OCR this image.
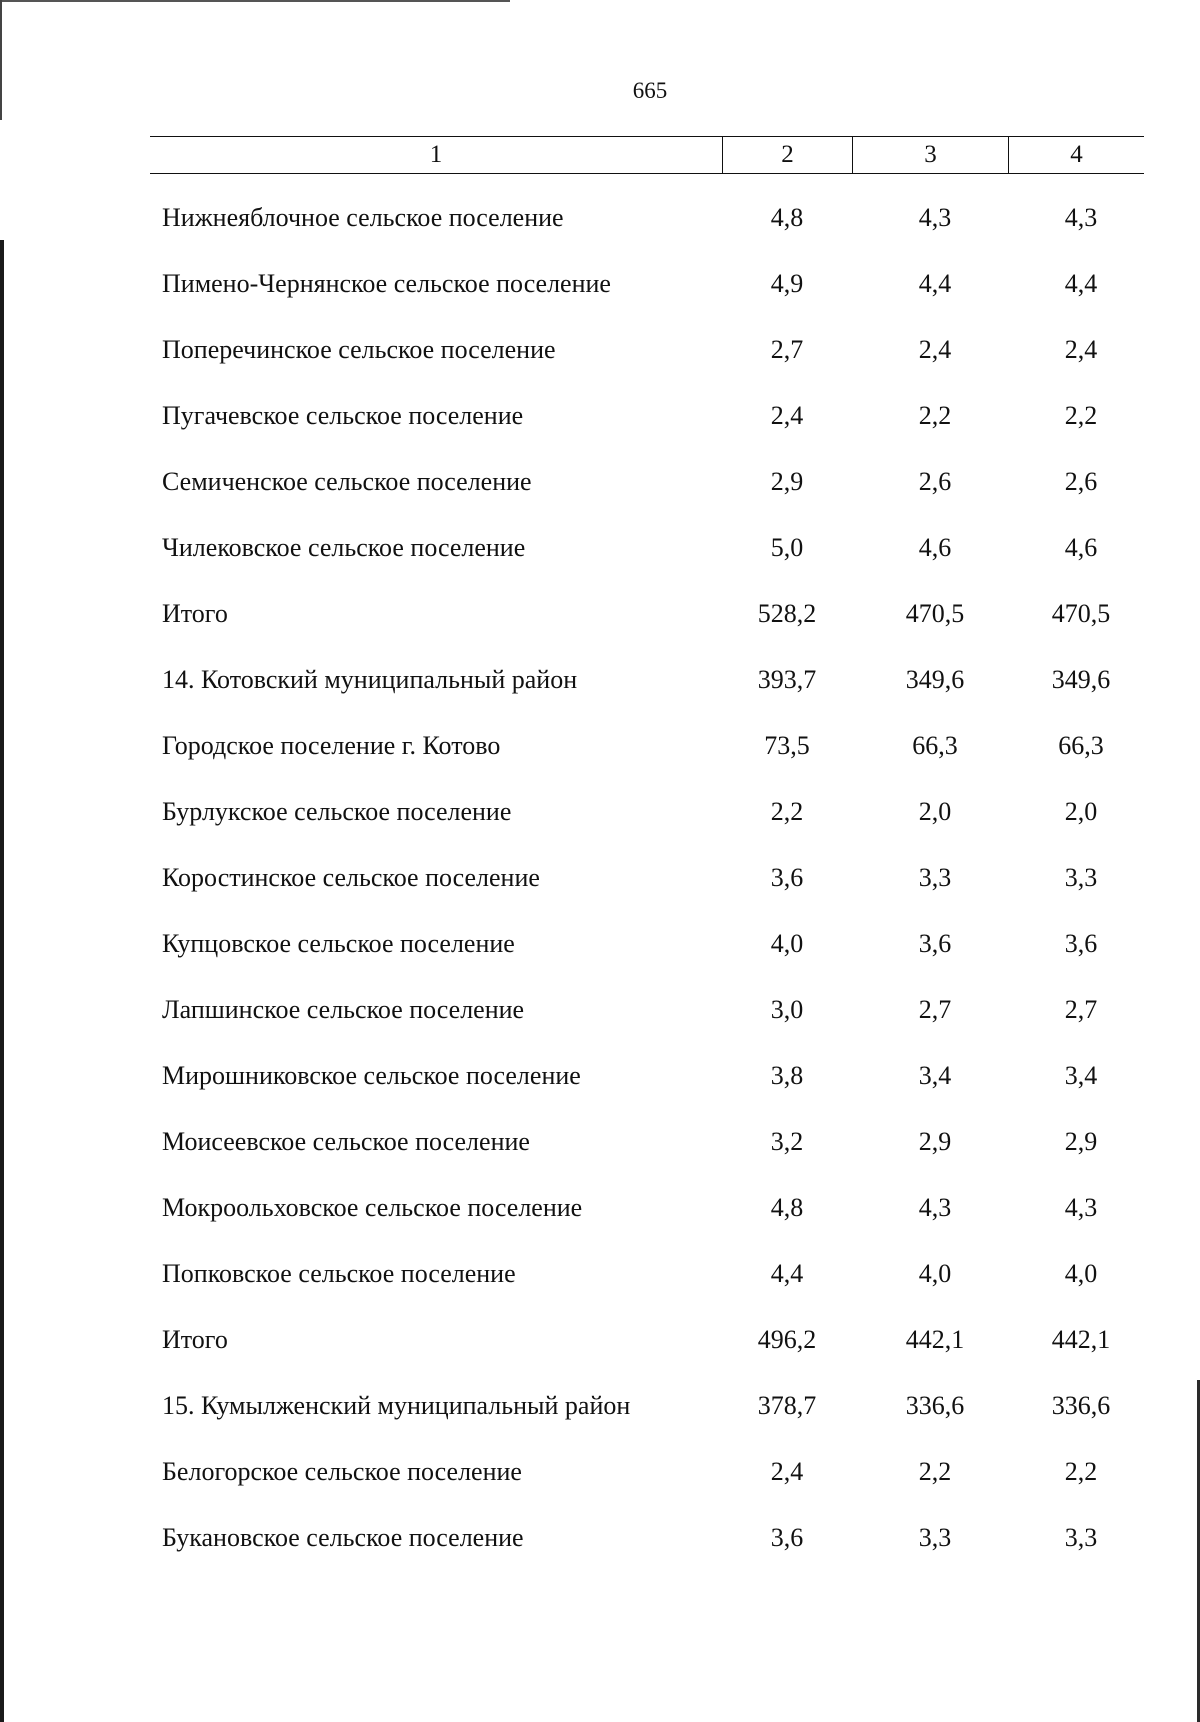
665
1	2	3	4
Нижнеяблочное сельское поселение	4,8	4,3	4,3
Пимено-Чернянское сельское поселение	4,9	4,4	4,4
Поперечинское сельское поселение	2,7	2,4	2,4
Пугачевское сельское поселение	2,4	2,2	2,2
Семиченское сельское поселение	2,9	2,6	2,6
Чилековское сельское поселение	5,0	4,6	4,6
Итого	528,2	470,5	470,5
14. Котовский муниципальный район	393,7	349,6	349,6
Городское поселение г. Котово	73,5	66,3	66,3
Бурлукское сельское поселение	2,2	2,0	2,0
Коростинское сельское поселение	3,6	3,3	3,3
Купцовское сельское поселение	4,0	3,6	3,6
Лапшинское сельское поселение	3,0	2,7	2,7
Мирошниковское сельское поселение	3,8	3,4	3,4
Моисеевское сельское поселение	3,2	2,9	2,9
Мокроольховское сельское поселение	4,8	4,3	4,3
Попковское сельское поселение	4,4	4,0	4,0
Итого	496,2	442,1	442,1
15. Кумылженский муниципальный район	378,7	336,6	336,6
Белогорское сельское поселение	2,4	2,2	2,2
Букановское сельское поселение	3,6	3,3	3,3
